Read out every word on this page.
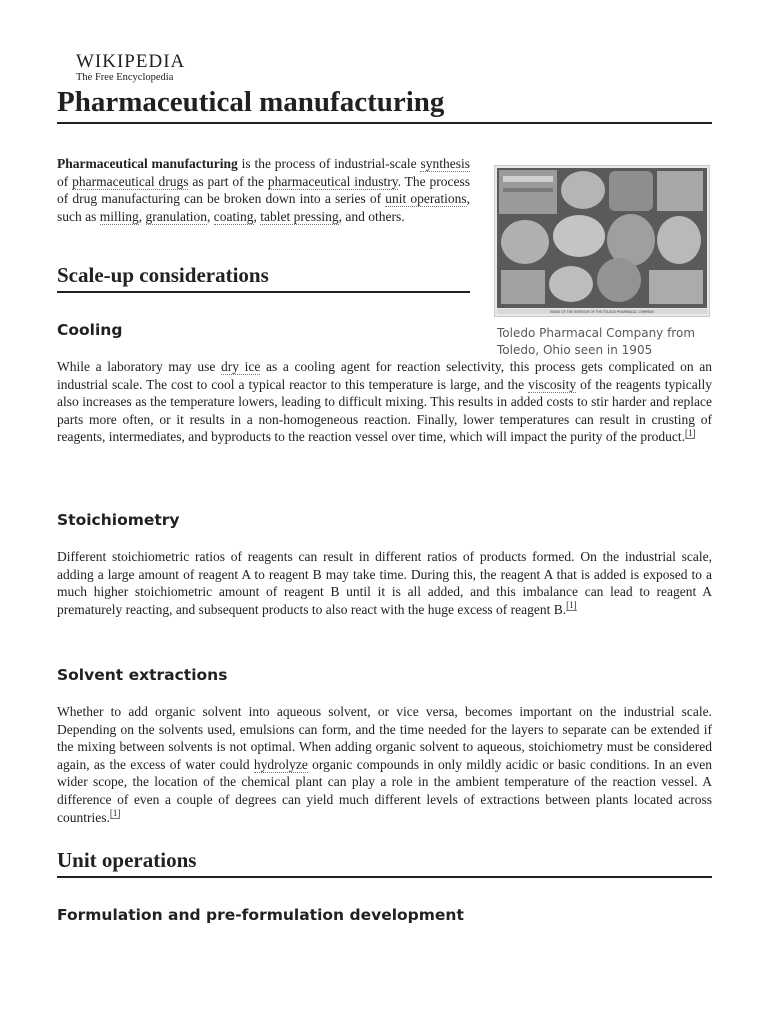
WIKIPEDIA
The Free Encyclopedia
Pharmaceutical manufacturing

Pharmaceutical manufacturing is the process of industrial-scale synthesis of pharmaceutical drugs as part of the pharmaceutical industry. The process of drug manufacturing can be broken down into a series of unit operations, such as milling, granulation, coating, tablet pressing, and others.

VIEWS OF THE INTERIOR OF THE TOLEDO PHARMACAL COMPANY.
Toledo Pharmacal Company from Toledo, Ohio seen in 1905
Scale-up considerations
Cooling

While a laboratory may use dry ice as a cooling agent for reaction selectivity, this process gets complicated on an industrial scale. The cost to cool a typical reactor to this temperature is large, and the viscosity of the reagents typically also increases as the temperature lowers, leading to difficult mixing. This results in added costs to stir harder and replace parts more often, or it results in a non-homogeneous reaction. Finally, lower temperatures can result in crusting of reagents, intermediates, and byproducts to the reaction vessel over time, which will impact the purity of the product.[1]

Stoichiometry

Different stoichiometric ratios of reagents can result in different ratios of products formed. On the industrial scale, adding a large amount of reagent A to reagent B may take time. During this, the reagent A that is added is exposed to a much higher stoichiometric amount of reagent B until it is all added, and this imbalance can lead to reagent A prematurely reacting, and subsequent products to also react with the huge excess of reagent B.[1]

Solvent extractions

Whether to add organic solvent into aqueous solvent, or vice versa, becomes important on the industrial scale. Depending on the solvents used, emulsions can form, and the time needed for the layers to separate can be extended if the mixing between solvents is not optimal. When adding organic solvent to aqueous, stoichiometry must be considered again, as the excess of water could hydrolyze organic compounds in only mildly acidic or basic conditions. In an even wider scope, the location of the chemical plant can play a role in the ambient temperature of the reaction vessel. A difference of even a couple of degrees can yield much different levels of extractions between plants located across countries.[1]

Unit operations
Formulation and pre-formulation development
